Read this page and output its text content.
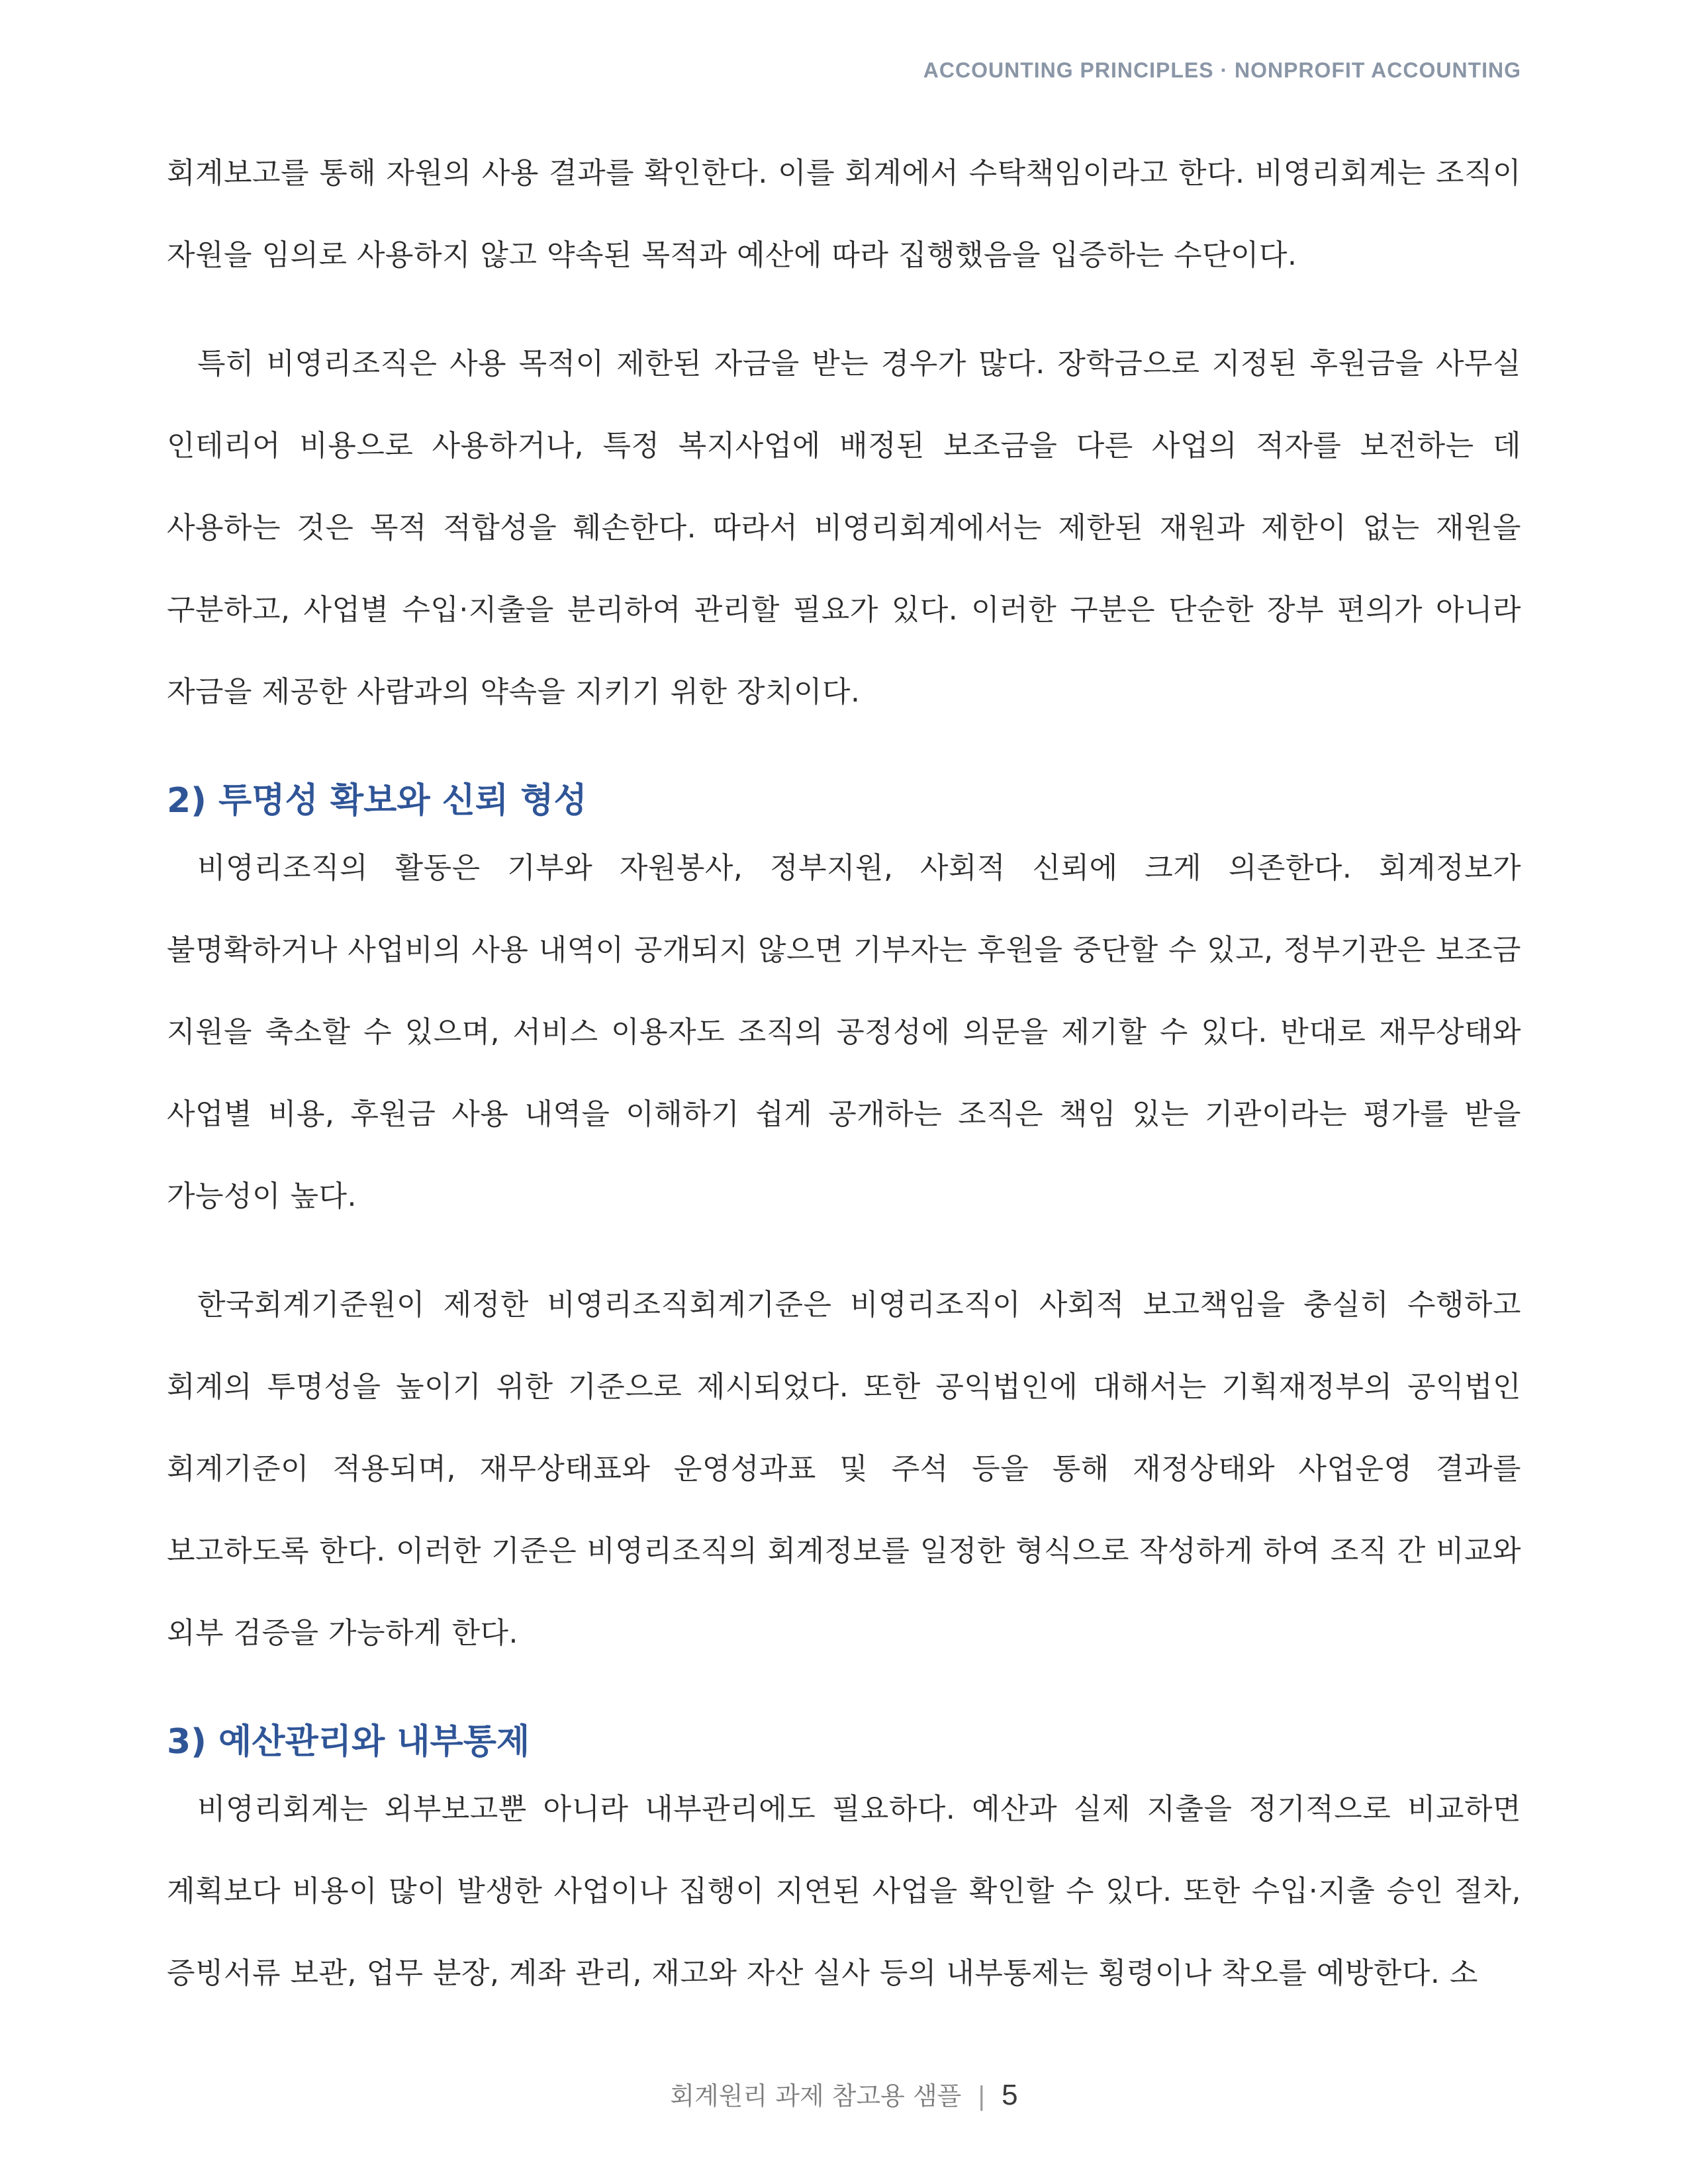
ACCOUNTING PRINCIPLES · NONPROFIT ACCOUNTING

회계보고를 통해 자원의 사용 결과를 확인한다. 이를 회계에서 수탁책임이라고 한다. 비영리회계는 조직이 자원을 임의로 사용하지 않고 약속된 목적과 예산에 따라 집행했음을 입증하는 수단이다.

특히 비영리조직은 사용 목적이 제한된 자금을 받는 경우가 많다. 장학금으로 지정된 후원금을 사무실 인테리어 비용으로 사용하거나, 특정 복지사업에 배정된 보조금을 다른 사업의 적자를 보전하는 데 사용하는 것은 목적 적합성을 훼손한다. 따라서 비영리회계에서는 제한된 재원과 제한이 없는 재원을 구분하고, 사업별 수입·지출을 분리하여 관리할 필요가 있다. 이러한 구분은 단순한 장부 편의가 아니라 자금을 제공한 사람과의 약속을 지키기 위한 장치이다.

2) 투명성 확보와 신뢰 형성

비영리조직의 활동은 기부와 자원봉사, 정부지원, 사회적 신뢰에 크게 의존한다. 회계정보가 불명확하거나 사업비의 사용 내역이 공개되지 않으면 기부자는 후원을 중단할 수 있고, 정부기관은 보조금 지원을 축소할 수 있으며, 서비스 이용자도 조직의 공정성에 의문을 제기할 수 있다. 반대로 재무상태와 사업별 비용, 후원금 사용 내역을 이해하기 쉽게 공개하는 조직은 책임 있는 기관이라는 평가를 받을 가능성이 높다.

한국회계기준원이 제정한 비영리조직회계기준은 비영리조직이 사회적 보고책임을 충실히 수행하고 회계의 투명성을 높이기 위한 기준으로 제시되었다. 또한 공익법인에 대해서는 기획재정부의 공익법인 회계기준이 적용되며, 재무상태표와 운영성과표 및 주석 등을 통해 재정상태와 사업운영 결과를 보고하도록 한다. 이러한 기준은 비영리조직의 회계정보를 일정한 형식으로 작성하게 하여 조직 간 비교와 외부 검증을 가능하게 한다.

3) 예산관리와 내부통제

비영리회계는 외부보고뿐 아니라 내부관리에도 필요하다. 예산과 실제 지출을 정기적으로 비교하면 계획보다 비용이 많이 발생한 사업이나 집행이 지연된 사업을 확인할 수 있다. 또한 수입·지출 승인 절차, 증빙서류 보관, 업무 분장, 계좌 관리, 재고와 자산 실사 등의 내부통제는 횡령이나 착오를 예방한다. 소

회계원리 과제 참고용 샘플 | 5
